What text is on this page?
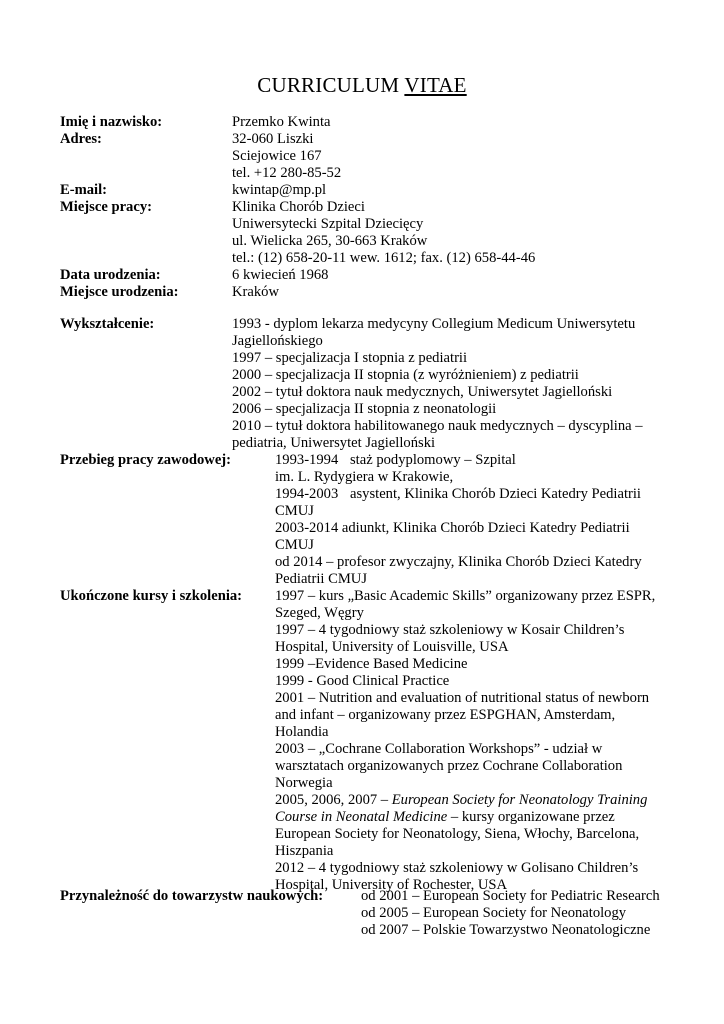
CURRICULUM VITAE
Imię i nazwisko:	Przemko Kwinta
Adres:	32-060 Liszki
Sciejowice 167
tel. +12 280-85-52
E-mail:	kwintap@mp.pl
Miejsce pracy:	Klinika Chorób Dzieci
Uniwersytecki Szpital Dziecięcy
ul. Wielicka 265, 30-663 Kraków
tel.: (12) 658-20-11 wew. 1612; fax. (12) 658-44-46
Data urodzenia:	6 kwiecień 1968
Miejsce urodzenia:	Kraków
Wykształcenie:	1993 - dyplom lekarza medycyny Collegium Medicum Uniwersytetu
Jagiellońskiego
1997 – specjalizacja I stopnia z pediatrii
2000 – specjalizacja II stopnia (z wyróżnieniem) z pediatrii
2002 – tytuł doktora nauk medycznych, Uniwersytet Jagielloński
2006 – specjalizacja II stopnia z neonatologii
2010 – tytuł doktora habilitowanego nauk medycznych – dyscyplina –
pediatria, Uniwersytet Jagielloński
Przebieg pracy zawodowej:	1993-1994 staż podyplomowy – Szpital
im. L. Rydygiera w Krakowie,
1994-2003 asystent, Klinika Chorób Dzieci Katedry Pediatrii
CMUJ
2003-2014 adiunkt, Klinika Chorób Dzieci Katedry Pediatrii
CMUJ
od 2014 – profesor zwyczajny, Klinika Chorób Dzieci Katedry
Pediatrii CMUJ
Ukończone kursy i szkolenia: 1997 – kurs „Basic Academic Skills” organizowany przez ESPR,
Szeged, Węgry
1997 – 4 tygodniowy staż szkoleniowy w Kosair Children’s
Hospital, University of Louisville, USA
1999 –Evidence Based Medicine
1999 - Good Clinical Practice
2001 – Nutrition and evaluation of nutritional status of newborn
and infant – organizowany przez ESPGHAN, Amsterdam,
Holandia
2003 – „Cochrane Collaboration Workshops” - udział w
warsztatach organizowanych przez Cochrane Collaboration
Norwegia
2005, 2006, 2007 – European Society for Neonatology Training
Course in Neonatal Medicine – kursy organizowane przez
European Society for Neonatology, Siena, Włochy, Barcelona,
Hiszpania
2012 – 4 tygodniowy staż szkoleniowy w Golisano Children’s
Hospital, University of Rochester, USA
Przynależność do towarzystw naukowych:	od 2001 – European Society for Pediatric Research
od 2005 – European Society for Neonatology
od 2007 – Polskie Towarzystwo Neonatologiczne
